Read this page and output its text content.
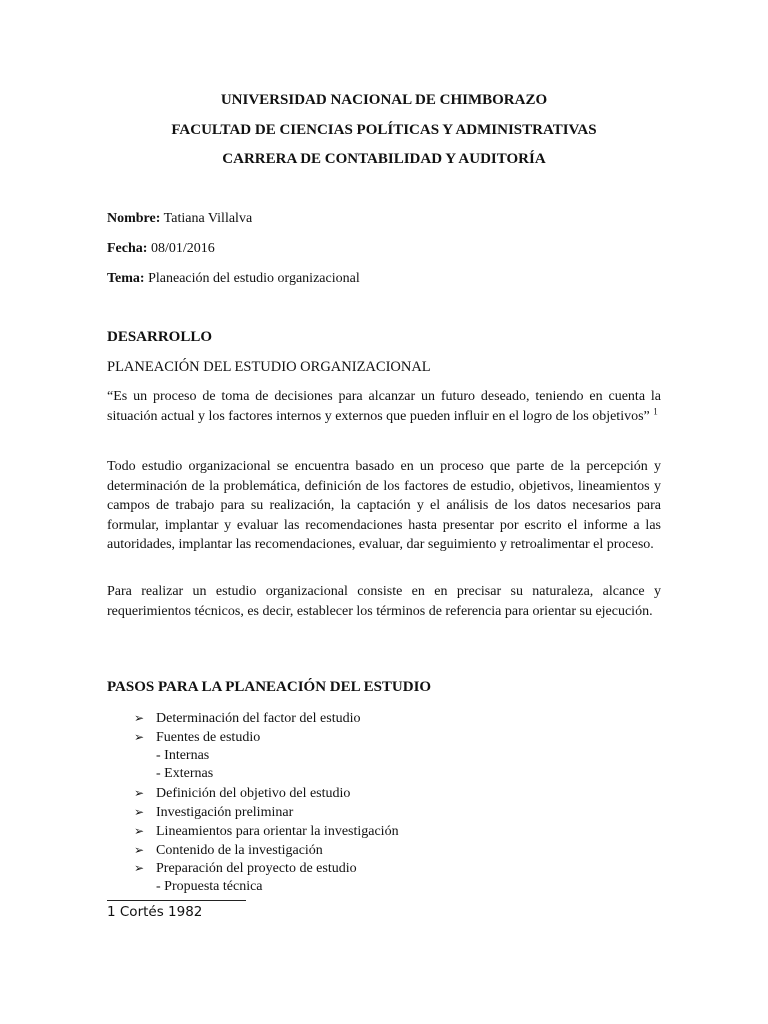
UNIVERSIDAD NACIONAL DE CHIMBORAZO
FACULTAD DE CIENCIAS POLÍTICAS Y ADMINISTRATIVAS
CARRERA DE CONTABILIDAD Y AUDITORÍA
Nombre: Tatiana Villalva
Fecha: 08/01/2016
Tema: Planeación del estudio organizacional
DESARROLLO
PLANEACIÓN DEL ESTUDIO ORGANIZACIONAL
“Es un proceso de toma de decisiones para alcanzar un futuro deseado, teniendo en cuenta la situación actual y los factores internos y externos que pueden influir en el logro de los objetivos” $^1$
Todo estudio organizacional se encuentra basado en un proceso que parte de la percepción y determinación de la problemática, definición de los factores de estudio, objetivos, lineamientos y campos de trabajo para su realización, la captación y el análisis de los datos necesarios para formular, implantar y evaluar las recomendaciones hasta presentar por escrito el informe a las autoridades, implantar las recomendaciones, evaluar, dar seguimiento y retroalimentar el proceso.
Para realizar un estudio organizacional consiste en en precisar su naturaleza, alcance y requerimientos técnicos, es decir, establecer los términos de referencia para orientar su ejecución.
PASOS PARA LA PLANEACIÓN DEL ESTUDIO
➢ Determinación del factor del estudio
➢ Fuentes de estudio
- Internas
- Externas
➢ Definición del objetivo del estudio
➢ Investigación preliminar
➢ Lineamientos para orientar la investigación
➢ Contenido de la investigación
➢ Preparación del proyecto de estudio
- Propuesta técnica
1 Cortés 1982
